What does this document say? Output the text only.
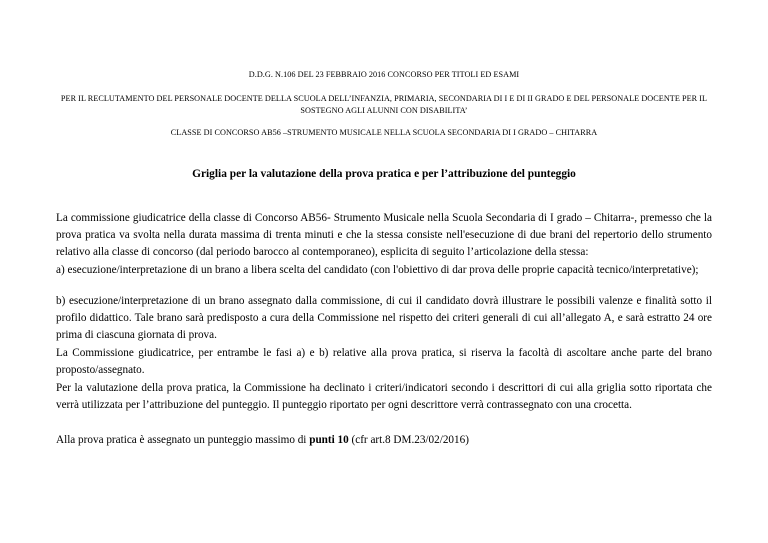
D.D.G. N.106 DEL 23 FEBBRAIO 2016 CONCORSO PER TITOLI ED ESAMI
PER IL RECLUTAMENTO DEL PERSONALE DOCENTE DELLA SCUOLA DELL’INFANZIA, PRIMARIA, SECONDARIA DI I E DI II GRADO E DEL PERSONALE DOCENTE PER IL SOSTEGNO AGLI ALUNNI CON DISABILITA’
CLASSE DI CONCORSO AB56 –STRUMENTO MUSICALE NELLA SCUOLA SECONDARIA DI I GRADO – CHITARRA
Griglia per la valutazione della prova pratica e per l’attribuzione del punteggio

La commissione giudicatrice della classe di Concorso AB56- Strumento Musicale nella Scuola Secondaria di I grado – Chitarra-, premesso che la prova pratica va svolta nella durata massima di trenta minuti e che la stessa consiste nell'esecuzione di due brani del repertorio dello strumento relativo alla classe di concorso (dal periodo barocco al contemporaneo), esplicita di seguito l’articolazione della stessa:

a) esecuzione/interpretazione di un brano a libera scelta del candidato (con l'obiettivo di dar prova delle proprie capacità tecnico/interpretative);

b) esecuzione/interpretazione di un brano assegnato dalla commissione, di cui il candidato dovrà illustrare le possibili valenze e finalità sotto il profilo didattico. Tale brano sarà predisposto a cura della Commissione nel rispetto dei criteri generali di cui all’allegato A, e sarà estratto 24 ore prima di ciascuna giornata di prova.

La Commissione giudicatrice, per entrambe le fasi a) e b) relative alla prova pratica, si riserva la facoltà di ascoltare anche parte del brano proposto/assegnato.

Per la valutazione della prova pratica, la Commissione ha declinato i criteri/indicatori secondo i descrittori di cui alla griglia sotto riportata che verrà utilizzata per l’attribuzione del punteggio. Il punteggio riportato per ogni descrittore verrà contrassegnato con una crocetta.

Alla prova pratica è assegnato un punteggio massimo di punti 10 (cfr art.8 DM.23/02/2016)
